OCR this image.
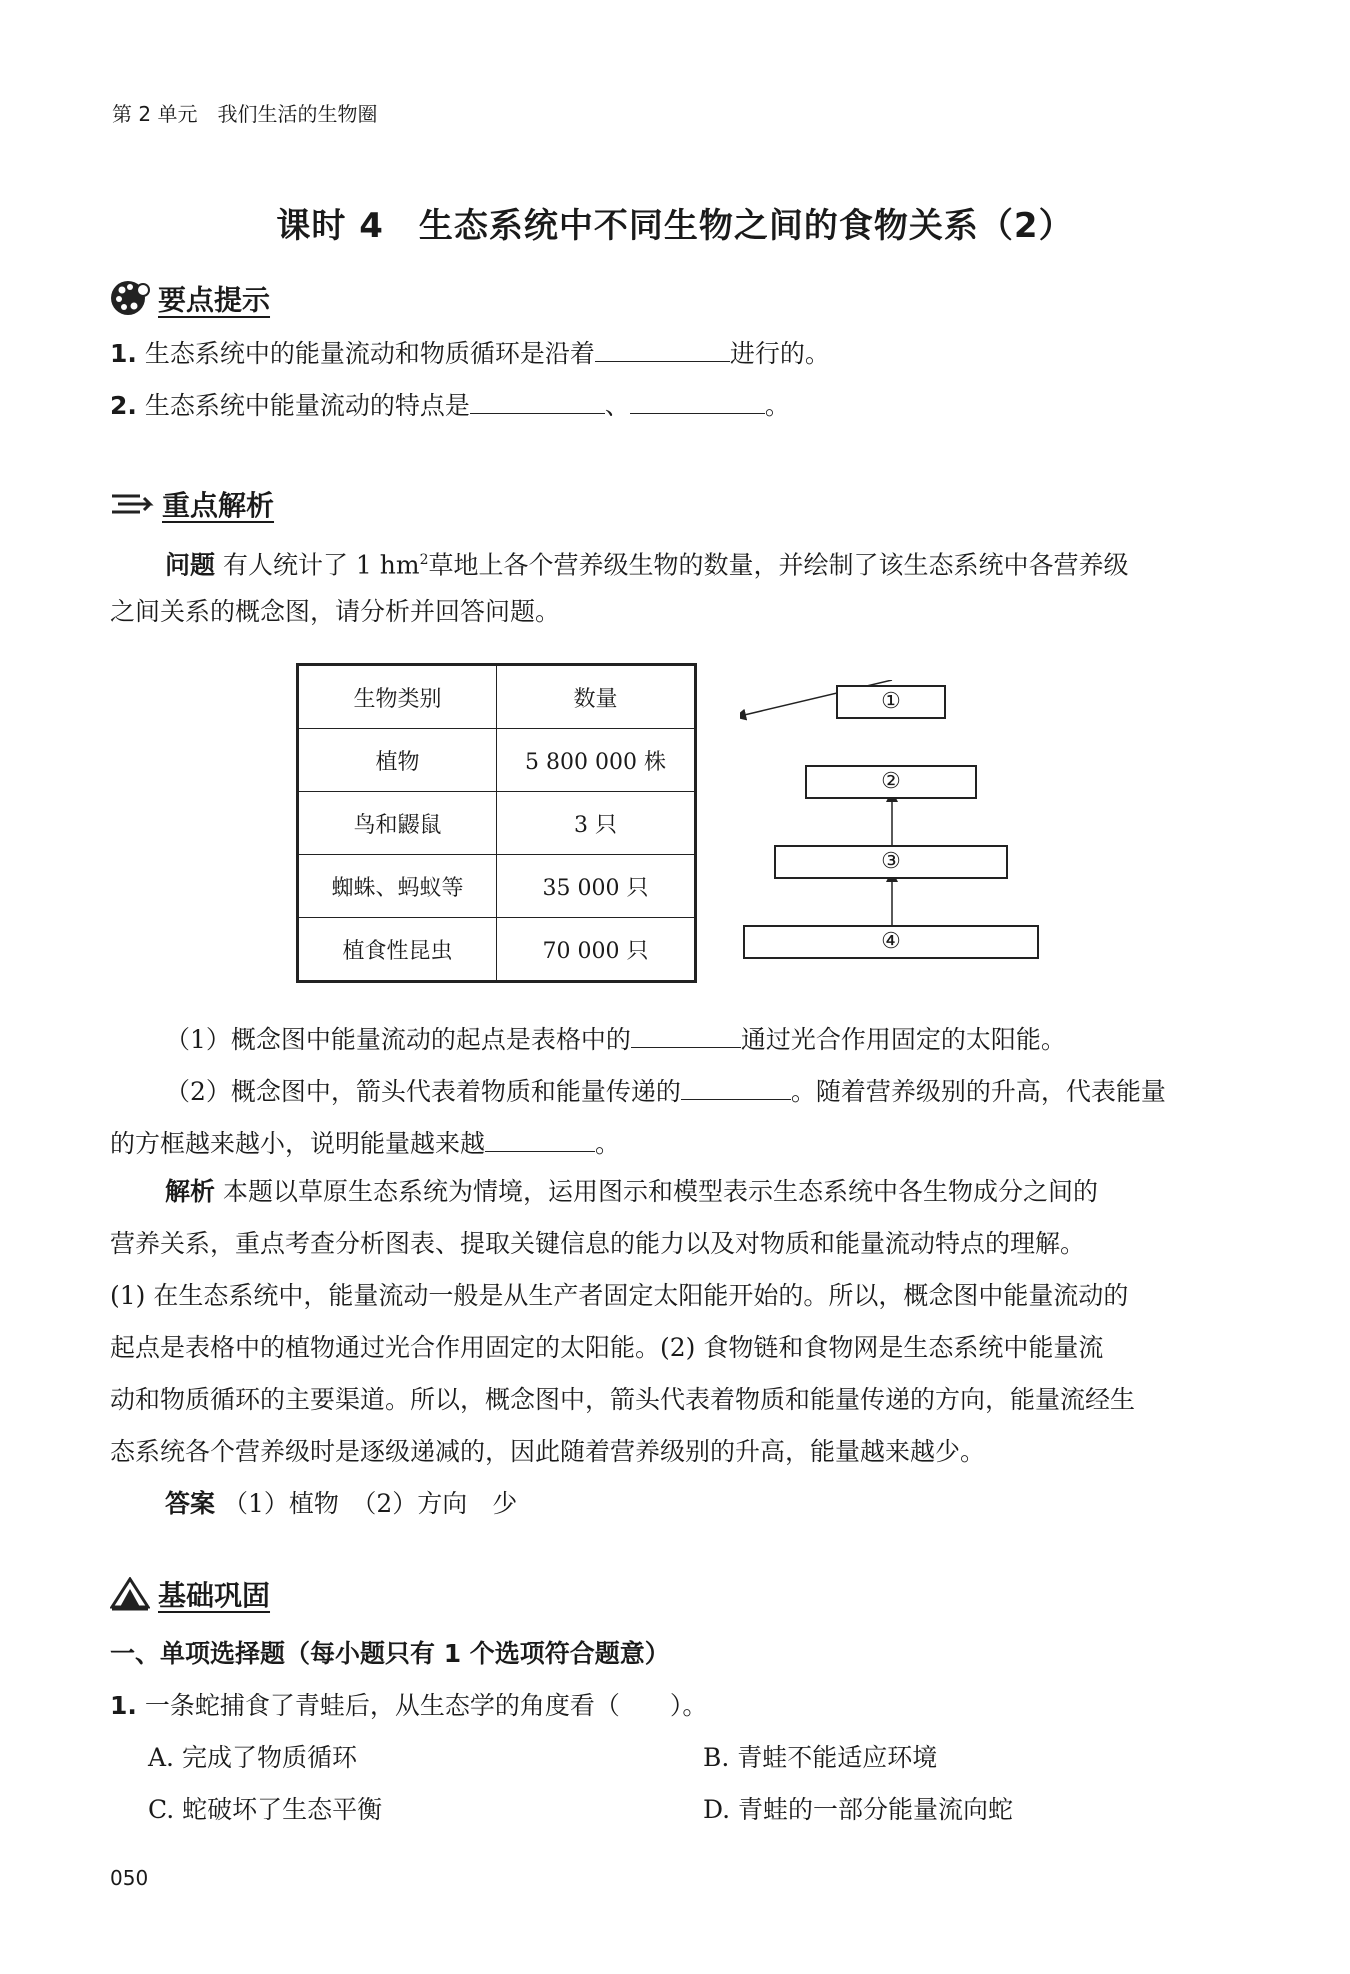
第 2 单元　我们生活的生物圈
课时 4　生态系统中不同生物之间的食物关系（2）
要点提示
1. 生态系统中的能量流动和物质循环是沿着	进行的。
2. 生态系统中能量流动的特点是	、	。
重点解析
问题 有人统计了 1 $hm^2$草地上各个营养级生物的数量，并绘制了该生态系统中各营养级
之间关系的概念图，请分析并回答问题。
生物类别	数量
植物	5 800 000 株
鸟和鼹鼠	3 只
蜘蛛、蚂蚁等	35 000 只
植食性昆虫	70 000 只
①
②
③
④
（1）概念图中能量流动的起点是表格中的	通过光合作用固定的太阳能。
（2）概念图中，箭头代表着物质和能量传递的	。随着营养级别的升高，代表能量
的方框越来越小，说明能量越来越	。
解析 本题以草原生态系统为情境，运用图示和模型表示生态系统中各生物成分之间的
营养关系，重点考查分析图表、提取关键信息的能力以及对物质和能量流动特点的理解。
(1) 在生态系统中，能量流动一般是从生产者固定太阳能开始的。所以，概念图中能量流动的
起点是表格中的植物通过光合作用固定的太阳能。(2) 食物链和食物网是生态系统中能量流
动和物质循环的主要渠道。所以，概念图中，箭头代表着物质和能量传递的方向，能量流经生
态系统各个营养级时是逐级递减的，因此随着营养级别的升高，能量越来越少。
答案 （1）植物　（2）方向　少
基础巩固
一、单项选择题（每小题只有 1 个选项符合题意）
1. 一条蛇捕食了青蛙后，从生态学的角度看（　　）。
A. 完成了物质循环	B. 青蛙不能适应环境
C. 蛇破坏了生态平衡	D. 青蛙的一部分能量流向蛇
050
